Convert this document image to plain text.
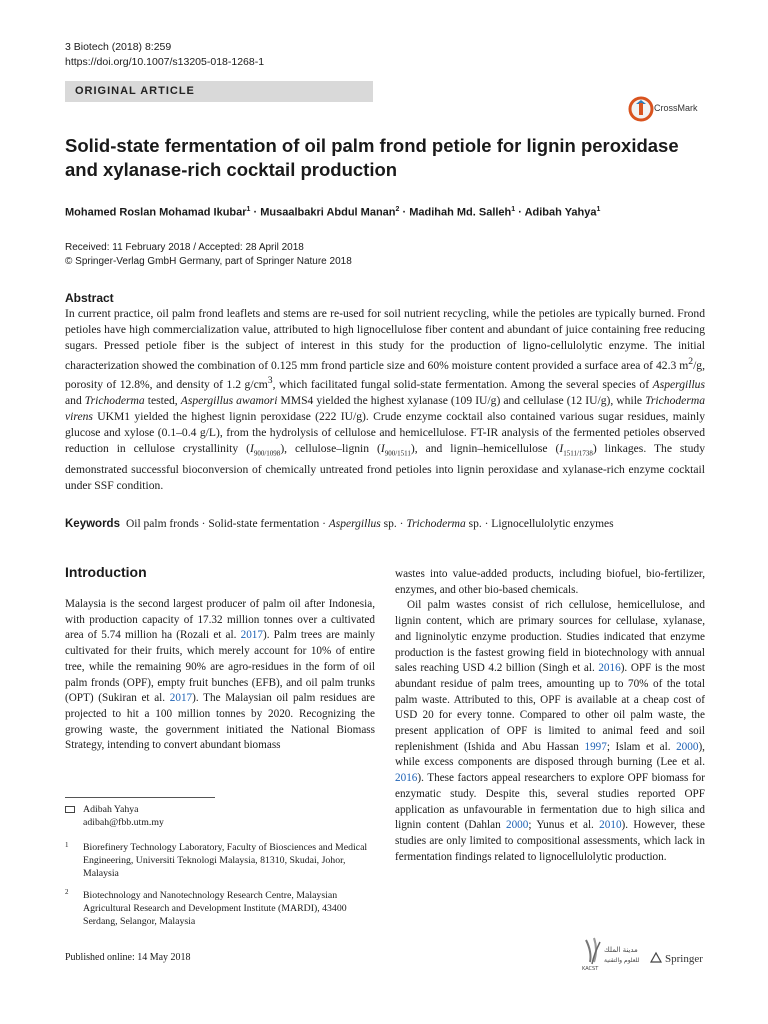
3 Biotech (2018) 8:259
https://doi.org/10.1007/s13205-018-1268-1
ORIGINAL ARTICLE
CrossMark
Solid-state fermentation of oil palm frond petiole for lignin peroxidase and xylanase-rich cocktail production
Mohamed Roslan Mohamad Ikubar$^1$ · Musaalbakri Abdul Manan$^2$ · Madihah Md. Salleh$^1$ · Adibah Yahya$^1$
Received: 11 February 2018 / Accepted: 28 April 2018
© Springer-Verlag GmbH Germany, part of Springer Nature 2018
Abstract
In current practice, oil palm frond leaflets and stems are re-used for soil nutrient recycling, while the petioles are typically burned. Frond petioles have high commercialization value, attributed to high lignocellulose fiber content and abundant of juice containing free reducing sugars. Pressed petiole fiber is the subject of interest in this study for the production of ligno-cellulolytic enzyme. The initial characterization showed the combination of 0.125 mm frond particle size and 60% moisture content provided a surface area of 42.3 $m^2/g$, porosity of 12.8%, and density of 1.2 $g/cm^3$, which facilitated fungal solid-state fermentation. Among the several species of Aspergillus and Trichoderma tested, Aspergillus awamori MMS4 yielded the highest xylanase (109 IU/g) and cellulase (12 IU/g), while Trichoderma virens UKM1 yielded the highest lignin peroxidase (222 IU/g). Crude enzyme cocktail also contained various sugar residues, mainly glucose and xylose (0.1–0.4 g/L), from the hydrolysis of cellulose and hemicellulose. FT-IR analysis of the fermented petioles observed reduction in cellulose crystallinity $(I_{900/1098})$, cellulose–lignin $(I_{900/1511})$, and lignin–hemicellulose $(I_{1511/1738})$ linkages. The study demonstrated successful bioconversion of chemically untreated frond petioles into lignin peroxidase and xylanase-rich enzyme cocktail under SSF condition.
Keywords Oil palm fronds · Solid-state fermentation · Aspergillus sp. · Trichoderma sp. · Lignocellulolytic enzymes
Introduction

Malaysia is the second largest producer of palm oil after Indonesia, with production capacity of 17.32 million tonnes over a cultivated area of 5.74 million ha (Rozali et al. 2017). Palm trees are mainly cultivated for their fruits, which merely account for 10% of entire tree, while the remaining 90% are agro-residues in the form of oil palm fronds (OPF), empty fruit bunches (EFB), and oil palm trunks (OPT) (Sukiran et al. 2017). The Malaysian oil palm residues are projected to hit a 100 million tonnes by 2020. Recognizing the growing waste, the government initiated the National Biomass Strategy, intending to convert abundant biomass

wastes into value-added products, including biofuel, bio-fertilizer, enzymes, and other bio-based chemicals.

Oil palm wastes consist of rich cellulose, hemicellulose, and lignin content, which are primary sources for cellulase, xylanase, and ligninolytic enzyme production. Studies indicated that enzyme production is the fastest growing field in biotechnology with annual sales reaching USD 4.2 billion (Singh et al. 2016). OPF is the most abundant residue of palm trees, amounting up to 70% of the total palm waste. Attributed to this, OPF is available at a cheap cost of USD 20 for every tonne. Compared to other oil palm waste, the present application of OPF is limited to animal feed and soil replenishment (Ishida and Abu Hassan 1997; Islam et al. 2000), while excess components are disposed through burning (Lee et al. 2016). These factors appeal researchers to explore OPF biomass for enzymatic study. Despite this, several studies reported OPF application as unfavourable in fermentation due to high silica and lignin content (Dahlan 2000; Yunus et al. 2010). However, these studies are only limited to compositional assessments, which lack in fermentation findings related to lignocellulolytic production.

Adibah Yahya
adibah@fbb.utm.my
1 Biorefinery Technology Laboratory, Faculty of Biosciences and Medical Engineering, Universiti Teknologi Malaysia, 81310, Skudai, Johor, Malaysia
2 Biotechnology and Nanotechnology Research Centre, Malaysian Agricultural Research and Development Institute (MARDI), 43400 Serdang, Selangor, Malaysia
Published online: 14 May 2018
مدينة الملك
للعلوم والتقنية
KACST
Springer
